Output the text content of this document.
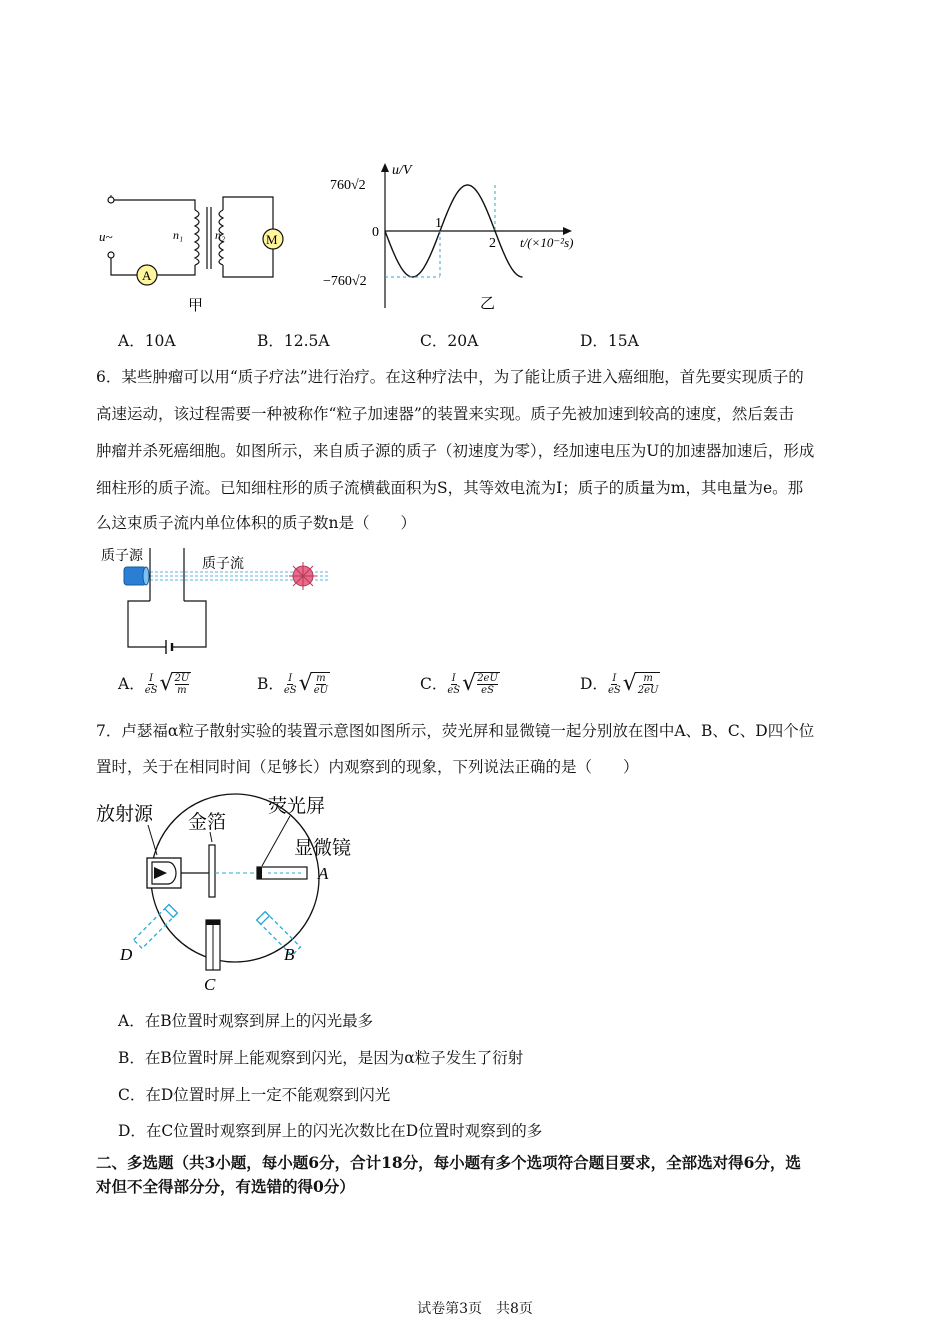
u~	n₁	n₂
A
M
甲
u/V
760√2
0
−760√2
1
2 t/(×10⁻²s)
乙
A．10A	B．12.5A	C．20A	D．15A
6．某些肿瘤可以用“质子疗法”进行治疗。在这种疗法中，为了能让质子进入癌细胞，首先要实现质子的
高速运动，该过程需要一种被称作“粒子加速器”的装置来实现。质子先被加速到较高的速度，然后轰击
肿瘤并杀死癌细胞。如图所示，来自质子源的质子（初速度为零），经加速电压为U的加速器加速后，形成
细柱形的质子流。已知细柱形的质子流横截面积为S，其等效电流为I；质子的质量为m，其电量为e。那
么这束质子流内单位体积的质子数n是（　　）
质子源
质子流
A． I
eS √ 2U
m	B． I
eS √ m
eU	C． I
eS √ 2eU
eS	D． I
eS √ m
2eU
7．卢瑟福α粒子散射实验的装置示意图如图所示，荧光屏和显微镜一起分别放在图中A、B、C、D四个位
置时，关于在相同时间（足够长）内观察到的现象，下列说法正确的是（　　）
放射源 金箔
荧光屏
显微镜
A
C
B
D
A．在B位置时观察到屏上的闪光最多
B．在B位置时屏上能观察到闪光，是因为α粒子发生了衍射
C．在D位置时屏上一定不能观察到闪光
D．在C位置时观察到屏上的闪光次数比在D位置时观察到的多
二、多选题（共3小题，每小题6分，合计18分，每小题有多个选项符合题目要求，全部选对得6分，选
对但不全得部分分，有选错的得0分）
试卷第3页　共8页
